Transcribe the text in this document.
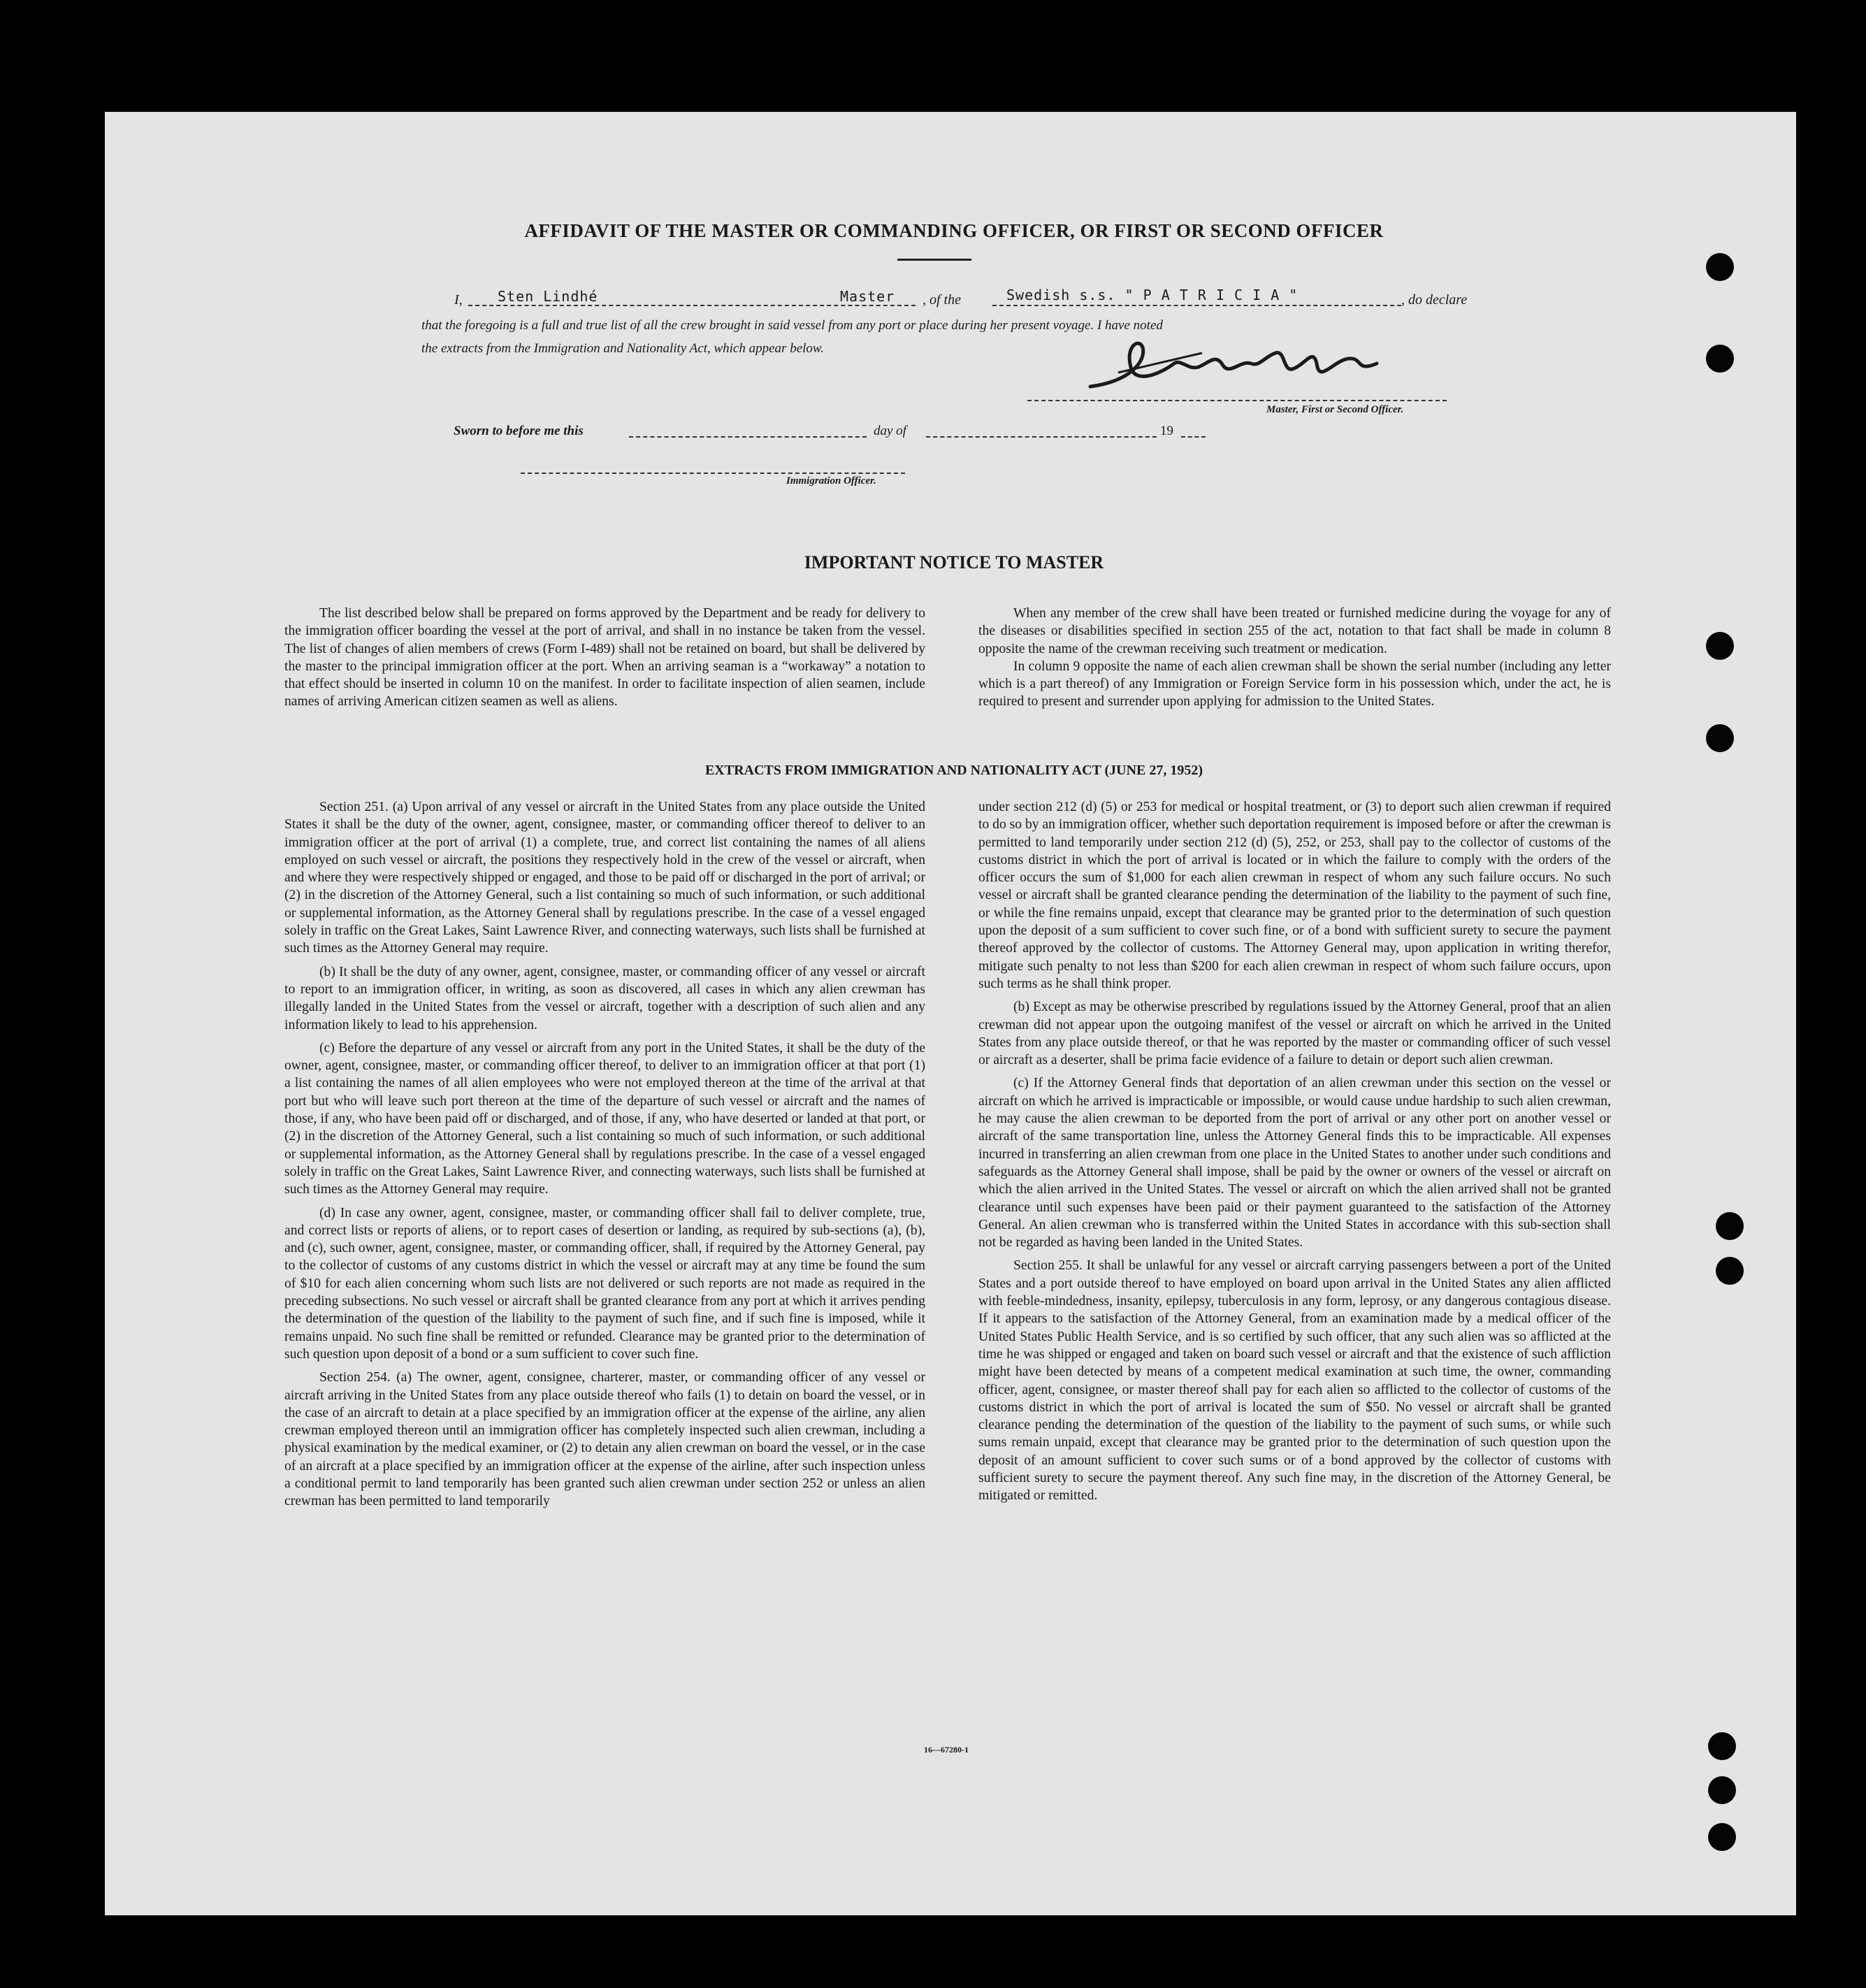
AFFIDAVIT OF THE MASTER OR COMMANDING OFFICER, OR FIRST OR SECOND OFFICER
I,	Sten Lindhé	Master , of the	Swedish s.s. " P A T R I C I A "	, do declare
that the foregoing is a full and true list of all the crew brought in said vessel from any port or place during her present voyage. I have noted
the extracts from the Immigration and Nationality Act, which appear below.
Master, First or Second Officer.
Sworn to before me this	day of	19
Immigration Officer.
IMPORTANT NOTICE TO MASTER

The list described below shall be prepared on forms approved by the Department and be ready for delivery to the immigration officer boarding the vessel at the port of arrival, and shall in no instance be taken from the vessel. The list of changes of alien members of crews (Form I-489) shall not be retained on board, but shall be delivered by the master to the principal immigration officer at the port. When an arriving seaman is a “workaway” a notation to that effect should be inserted in column 10 on the manifest. In order to facilitate inspection of alien seamen, include names of arriving American citizen seamen as well as aliens.

When any member of the crew shall have been treated or furnished medicine during the voyage for any of the diseases or disabilities specified in section 255 of the act, notation to that fact shall be made in column 8 opposite the name of the crewman receiving such treatment or medication.

In column 9 opposite the name of each alien crewman shall be shown the serial number (including any letter which is a part thereof) of any Immigration or Foreign Service form in his possession which, under the act, he is required to present and surrender upon applying for admission to the United States.

EXTRACTS FROM IMMIGRATION AND NATIONALITY ACT (JUNE 27, 1952)

Section 251. (a) Upon arrival of any vessel or aircraft in the United States from any place outside the United States it shall be the duty of the owner, agent, consignee, master, or commanding officer thereof to deliver to an immigration officer at the port of arrival (1) a complete, true, and correct list containing the names of all aliens employed on such vessel or aircraft, the positions they respectively hold in the crew of the vessel or aircraft, when and where they were respectively shipped or engaged, and those to be paid off or discharged in the port of arrival; or (2) in the discretion of the Attorney General, such a list containing so much of such information, or such additional or supplemental information, as the Attorney General shall by regulations prescribe. In the case of a vessel engaged solely in traffic on the Great Lakes, Saint Lawrence River, and connecting waterways, such lists shall be furnished at such times as the Attorney General may require.

(b) It shall be the duty of any owner, agent, consignee, master, or commanding officer of any vessel or aircraft to report to an immigration officer, in writing, as soon as discovered, all cases in which any alien crewman has illegally landed in the United States from the vessel or aircraft, together with a description of such alien and any information likely to lead to his apprehension.

(c) Before the departure of any vessel or aircraft from any port in the United States, it shall be the duty of the owner, agent, consignee, master, or commanding officer thereof, to deliver to an immigration officer at that port (1) a list containing the names of all alien employees who were not employed thereon at the time of the arrival at that port but who will leave such port thereon at the time of the departure of such vessel or aircraft and the names of those, if any, who have been paid off or discharged, and of those, if any, who have deserted or landed at that port, or (2) in the discretion of the Attorney General, such a list containing so much of such information, or such additional or supplemental information, as the Attorney General shall by regulations prescribe. In the case of a vessel engaged solely in traffic on the Great Lakes, Saint Lawrence River, and connecting waterways, such lists shall be furnished at such times as the Attorney General may require.

(d) In case any owner, agent, consignee, master, or commanding officer shall fail to deliver complete, true, and correct lists or reports of aliens, or to report cases of desertion or landing, as required by sub-sections (a), (b), and (c), such owner, agent, consignee, master, or commanding officer, shall, if required by the Attorney General, pay to the collector of customs of any customs district in which the vessel or aircraft may at any time be found the sum of $10 for each alien concerning whom such lists are not delivered or such reports are not made as required in the preceding subsections. No such vessel or aircraft shall be granted clearance from any port at which it arrives pending the determination of the question of the liability to the payment of such fine, and if such fine is imposed, while it remains unpaid. No such fine shall be remitted or refunded. Clearance may be granted prior to the determination of such question upon deposit of a bond or a sum sufficient to cover such fine.

Section 254. (a) The owner, agent, consignee, charterer, master, or commanding officer of any vessel or aircraft arriving in the United States from any place outside thereof who fails (1) to detain on board the vessel, or in the case of an aircraft to detain at a place specified by an immigration officer at the expense of the airline, any alien crewman employed thereon until an immigration officer has completely inspected such alien crewman, including a physical examination by the medical examiner, or (2) to detain any alien crewman on board the vessel, or in the case of an aircraft at a place specified by an immigration officer at the expense of the airline, after such inspection unless a conditional permit to land temporarily has been granted such alien crewman under section 252 or unless an alien crewman has been permitted to land temporarily

under section 212 (d) (5) or 253 for medical or hospital treatment, or (3) to deport such alien crewman if required to do so by an immigration officer, whether such deportation requirement is imposed before or after the crewman is permitted to land temporarily under section 212 (d) (5), 252, or 253, shall pay to the collector of customs of the customs district in which the port of arrival is located or in which the failure to comply with the orders of the officer occurs the sum of $1,000 for each alien crewman in respect of whom any such failure occurs. No such vessel or aircraft shall be granted clearance pending the determination of the liability to the payment of such fine, or while the fine remains unpaid, except that clearance may be granted prior to the determination of such question upon the deposit of a sum sufficient to cover such fine, or of a bond with sufficient surety to secure the payment thereof approved by the collector of customs. The Attorney General may, upon application in writing therefor, mitigate such penalty to not less than $200 for each alien crewman in respect of whom such failure occurs, upon such terms as he shall think proper.

(b) Except as may be otherwise prescribed by regulations issued by the Attorney General, proof that an alien crewman did not appear upon the outgoing manifest of the vessel or aircraft on which he arrived in the United States from any place outside thereof, or that he was reported by the master or commanding officer of such vessel or aircraft as a deserter, shall be prima facie evidence of a failure to detain or deport such alien crewman.

(c) If the Attorney General finds that deportation of an alien crewman under this section on the vessel or aircraft on which he arrived is impracticable or impossible, or would cause undue hardship to such alien crewman, he may cause the alien crewman to be deported from the port of arrival or any other port on another vessel or aircraft of the same transportation line, unless the Attorney General finds this to be impracticable. All expenses incurred in transferring an alien crewman from one place in the United States to another under such conditions and safeguards as the Attorney General shall impose, shall be paid by the owner or owners of the vessel or aircraft on which the alien arrived in the United States. The vessel or aircraft on which the alien arrived shall not be granted clearance until such expenses have been paid or their payment guaranteed to the satisfaction of the Attorney General. An alien crewman who is transferred within the United States in accordance with this sub-section shall not be regarded as having been landed in the United States.

Section 255. It shall be unlawful for any vessel or aircraft carrying passengers between a port of the United States and a port outside thereof to have employed on board upon arrival in the United States any alien afflicted with feeble-mindedness, insanity, epilepsy, tuberculosis in any form, leprosy, or any dangerous contagious disease. If it appears to the satisfaction of the Attorney General, from an examination made by a medical officer of the United States Public Health Service, and is so certified by such officer, that any such alien was so afflicted at the time he was shipped or engaged and taken on board such vessel or aircraft and that the existence of such affliction might have been detected by means of a competent medical examination at such time, the owner, commanding officer, agent, consignee, or master thereof shall pay for each alien so afflicted to the collector of customs of the customs district in which the port of arrival is located the sum of $50. No vessel or aircraft shall be granted clearance pending the determination of the question of the liability to the payment of such sums, or while such sums remain unpaid, except that clearance may be granted prior to the determination of such question upon the deposit of an amount sufficient to cover such sums or of a bond approved by the collector of customs with sufficient surety to secure the payment thereof. Any such fine may, in the discretion of the Attorney General, be mitigated or remitted.

16—67280-1
